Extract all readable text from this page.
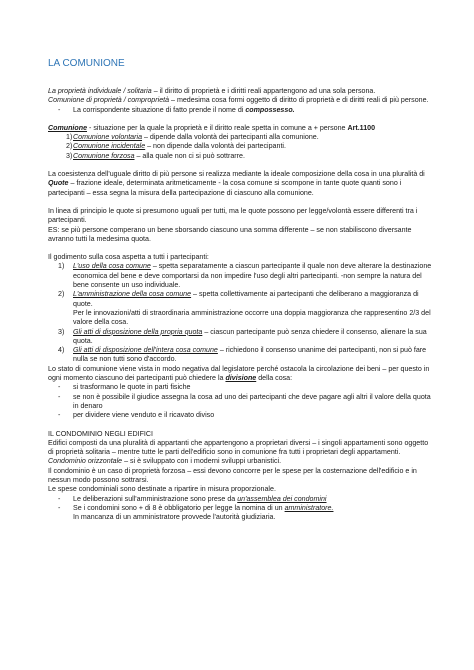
LA COMUNIONE

La proprietà individuale / solitaria – il diritto di proprietà e i diritti reali appartengono ad una sola persona.

Comunione di proprietà / comproprietà – medesima cosa formi oggetto di diritto di proprietà e di diritti reali di più persone.

- La corrispondente situazione di fatto prende il nome di compossesso.

Comunione - situazione per la quale la proprietà e il diritto reale spetta in comune a + persone Art.1100

1) Comunione volontaria – dipende dalla volontà dei partecipanti alla comunione.

2) Comunione incidentale – non dipende dalla volontà dei partecipanti.

3) Comunione forzosa – alla quale non ci si può sottrarre.

La coesistenza dell'uguale diritto di più persone si realizza mediante la ideale composizione della cosa in una pluralità di Quote – frazione ideale, determinata aritmeticamente - la cosa comune si scompone in tante quote quanti sono i partecipanti – essa segna la misura della partecipazione di ciascuno alla comunione.

In linea di principio le quote si presumono uguali per tutti, ma le quote possono per legge/volontà essere differenti tra i partecipanti.

ES: se più persone comperano un bene sborsando ciascuno una somma differente – se non stabiliscono diversante avranno tutti la medesima quota.

Il godimento sulla cosa aspetta a tutti i partecipanti:

1) L'uso della cosa comune – spetta separatamente a ciascun partecipante il quale non deve alterare la destinazione economica del bene e deve comportarsi da non impedire l'uso degli altri partecipanti. -non sempre la natura del bene consente un uso individuale.

2) L'amministrazione della cosa comune – spetta collettivamente ai partecipanti che deliberano a maggioranza di quote.

Per le innovazioni/atti di straordinaria amministrazione occorre una doppia maggioranza che rappresentino 2/3 del valore della cosa.

3) Gli atti di disposizione della propria quota – ciascun partecipante può senza chiedere il consenso, alienare la sua quota.

4) Gli atti di disposizione dell'intera cosa comune – richiedono il consenso unanime dei partecipanti, non si può fare nulla se non tutti sono d'accordo.

Lo stato di comunione viene vista in modo negativa dal legislatore perché ostacola la circolazione dei beni – per questo in ogni momento ciascuno dei partecipanti può chiedere la divisione della cosa:

- si trasformano le quote in parti fisiche

- se non è possibile il giudice assegna la cosa ad uno dei partecipanti che deve pagare agli altri il valore della quota in denaro

- per dividere viene venduto e il ricavato diviso

IL CONDOMINIO NEGLI EDIFICI

Edifici composti da una pluralità di appartanti che appartengono a proprietari diversi – i singoli appartamenti sono oggetto di proprietà solitaria – mentre tutte le parti dell'edificio sono in comunione fra tutti i proprietari degli appartamenti.

Condominio orizzontale – si è sviluppato con i moderni sviluppi urbanistici.

Il condominio è un caso di proprietà forzosa – essi devono concorre per le spese per la costernazione dell'edificio e in nessun modo possono sottrarsi.

Le spese condominiali sono destinate a ripartire in misura proporzionale.

- Le deliberazioni sull'amministrazione sono prese da un'assemblea dei condomini

- Se i condomini sono + di 8 è obbligatorio per legge la nomina di un amministratore.

In mancanza di un amministratore provvede l'autorità giudiziaria.
